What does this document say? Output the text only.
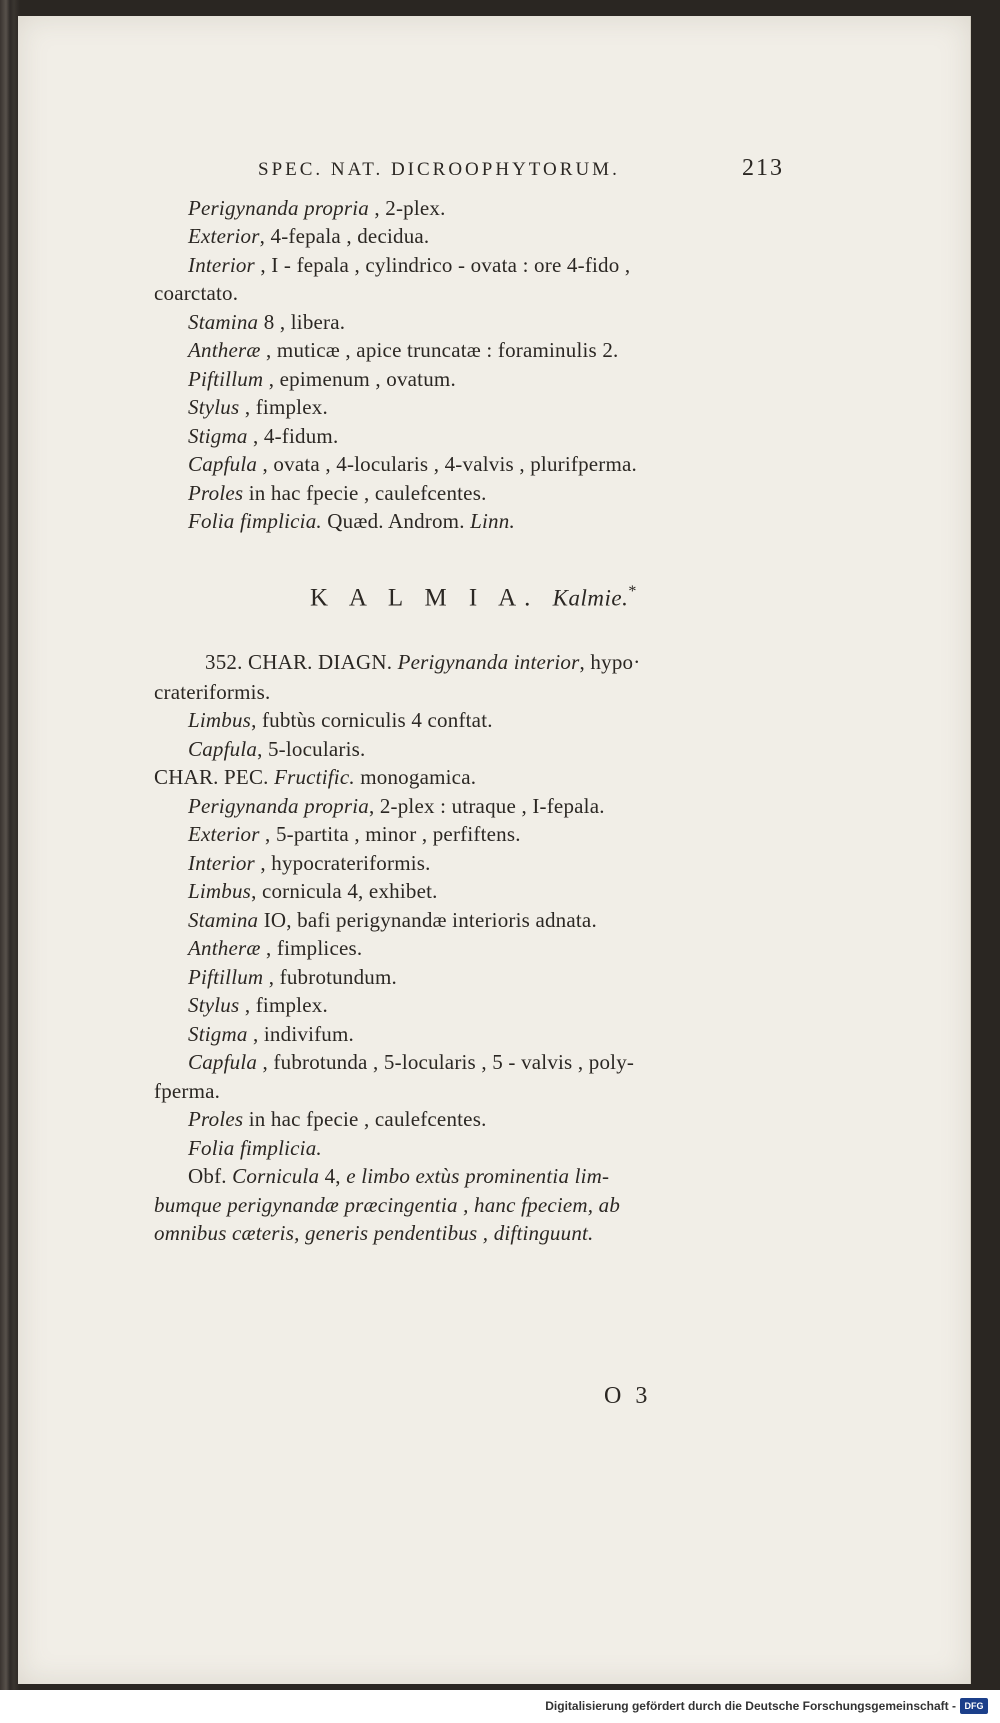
SPEC. NAT. DICROOPHYTORUM.	213
Perigynanda propria , 2-plex.
Exterior, 4-fepala , decidua.
Interior , I - fepala , cylindrico - ovata : ore 4-fido ,
coarctato.
Stamina 8 , libera.
Antheræ , muticæ , apice truncatæ : foraminulis 2.
Piftillum , epimenum , ovatum.
Stylus , fimplex.
Stigma , 4-fidum.
Capfula , ovata , 4-locularis , 4-valvis , plurifperma.
Proles in hac fpecie , caulefcentes.
Folia fimplicia. Quæd. Androm. Linn.
K A L M I A. Kalmie.*
352. CHAR. DIAGN. Perigynanda interior, hypo·
crateriformis.
Limbus, fubtùs corniculis 4 conftat.
Capfula, 5-locularis.
CHAR. PEC. Fructific. monogamica.
Perigynanda propria, 2-plex : utraque , I-fepala.
Exterior , 5-partita , minor , perfiftens.
Interior , hypocrateriformis.
Limbus, cornicula 4, exhibet.
Stamina IO, bafi perigynandæ interioris adnata.
Antheræ , fimplices.
Piftillum , fubrotundum.
Stylus , fimplex.
Stigma , indivifum.
Capfula , fubrotunda , 5-locularis , 5 - valvis , poly-
fperma.
Proles in hac fpecie , caulefcentes.
Folia fimplicia.
Obf. Cornicula 4, e limbo extùs prominentia lim-
bumque perigynandæ præcingentia , hanc fpeciem, ab
omnibus cæteris, generis pendentibus , diftinguunt.
O 3
Digitalisierung gefördert durch die Deutsche Forschungsgemeinschaft - DFG
